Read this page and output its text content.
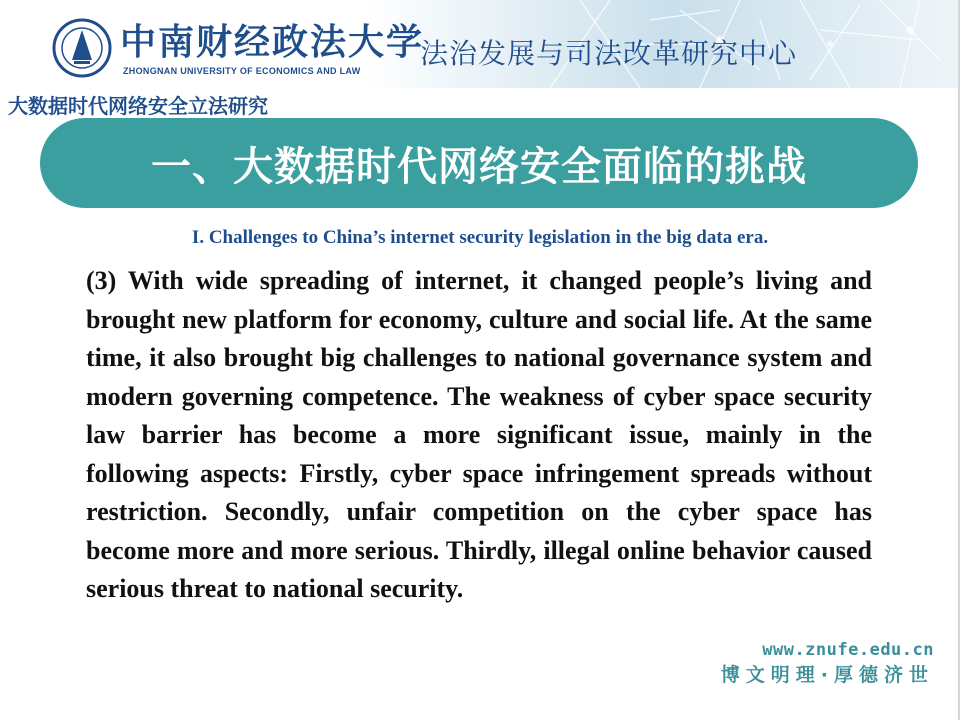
中南财经政法大学
ZHONGNAN UNIVERSITY OF ECONOMICS AND LAW
法治发展与司法改革研究中心
大数据时代网络安全立法研究
一、大数据时代网络安全面临的挑战
I. Challenges to China’s internet security legislation in the big data era.

(3) With wide spreading of internet, it changed people’s living and brought new platform for economy, culture and social life. At the same time, it also brought big challenges to national governance system and modern governing competence. The weakness of cyber space security law barrier has become a more significant issue, mainly in the following aspects: Firstly, cyber space infringement spreads without restriction. Secondly, unfair competition on the cyber space has become more and more serious. Thirdly, illegal online behavior caused serious threat to national security.

www.znufe.edu.cn
博文明理·厚德济世
